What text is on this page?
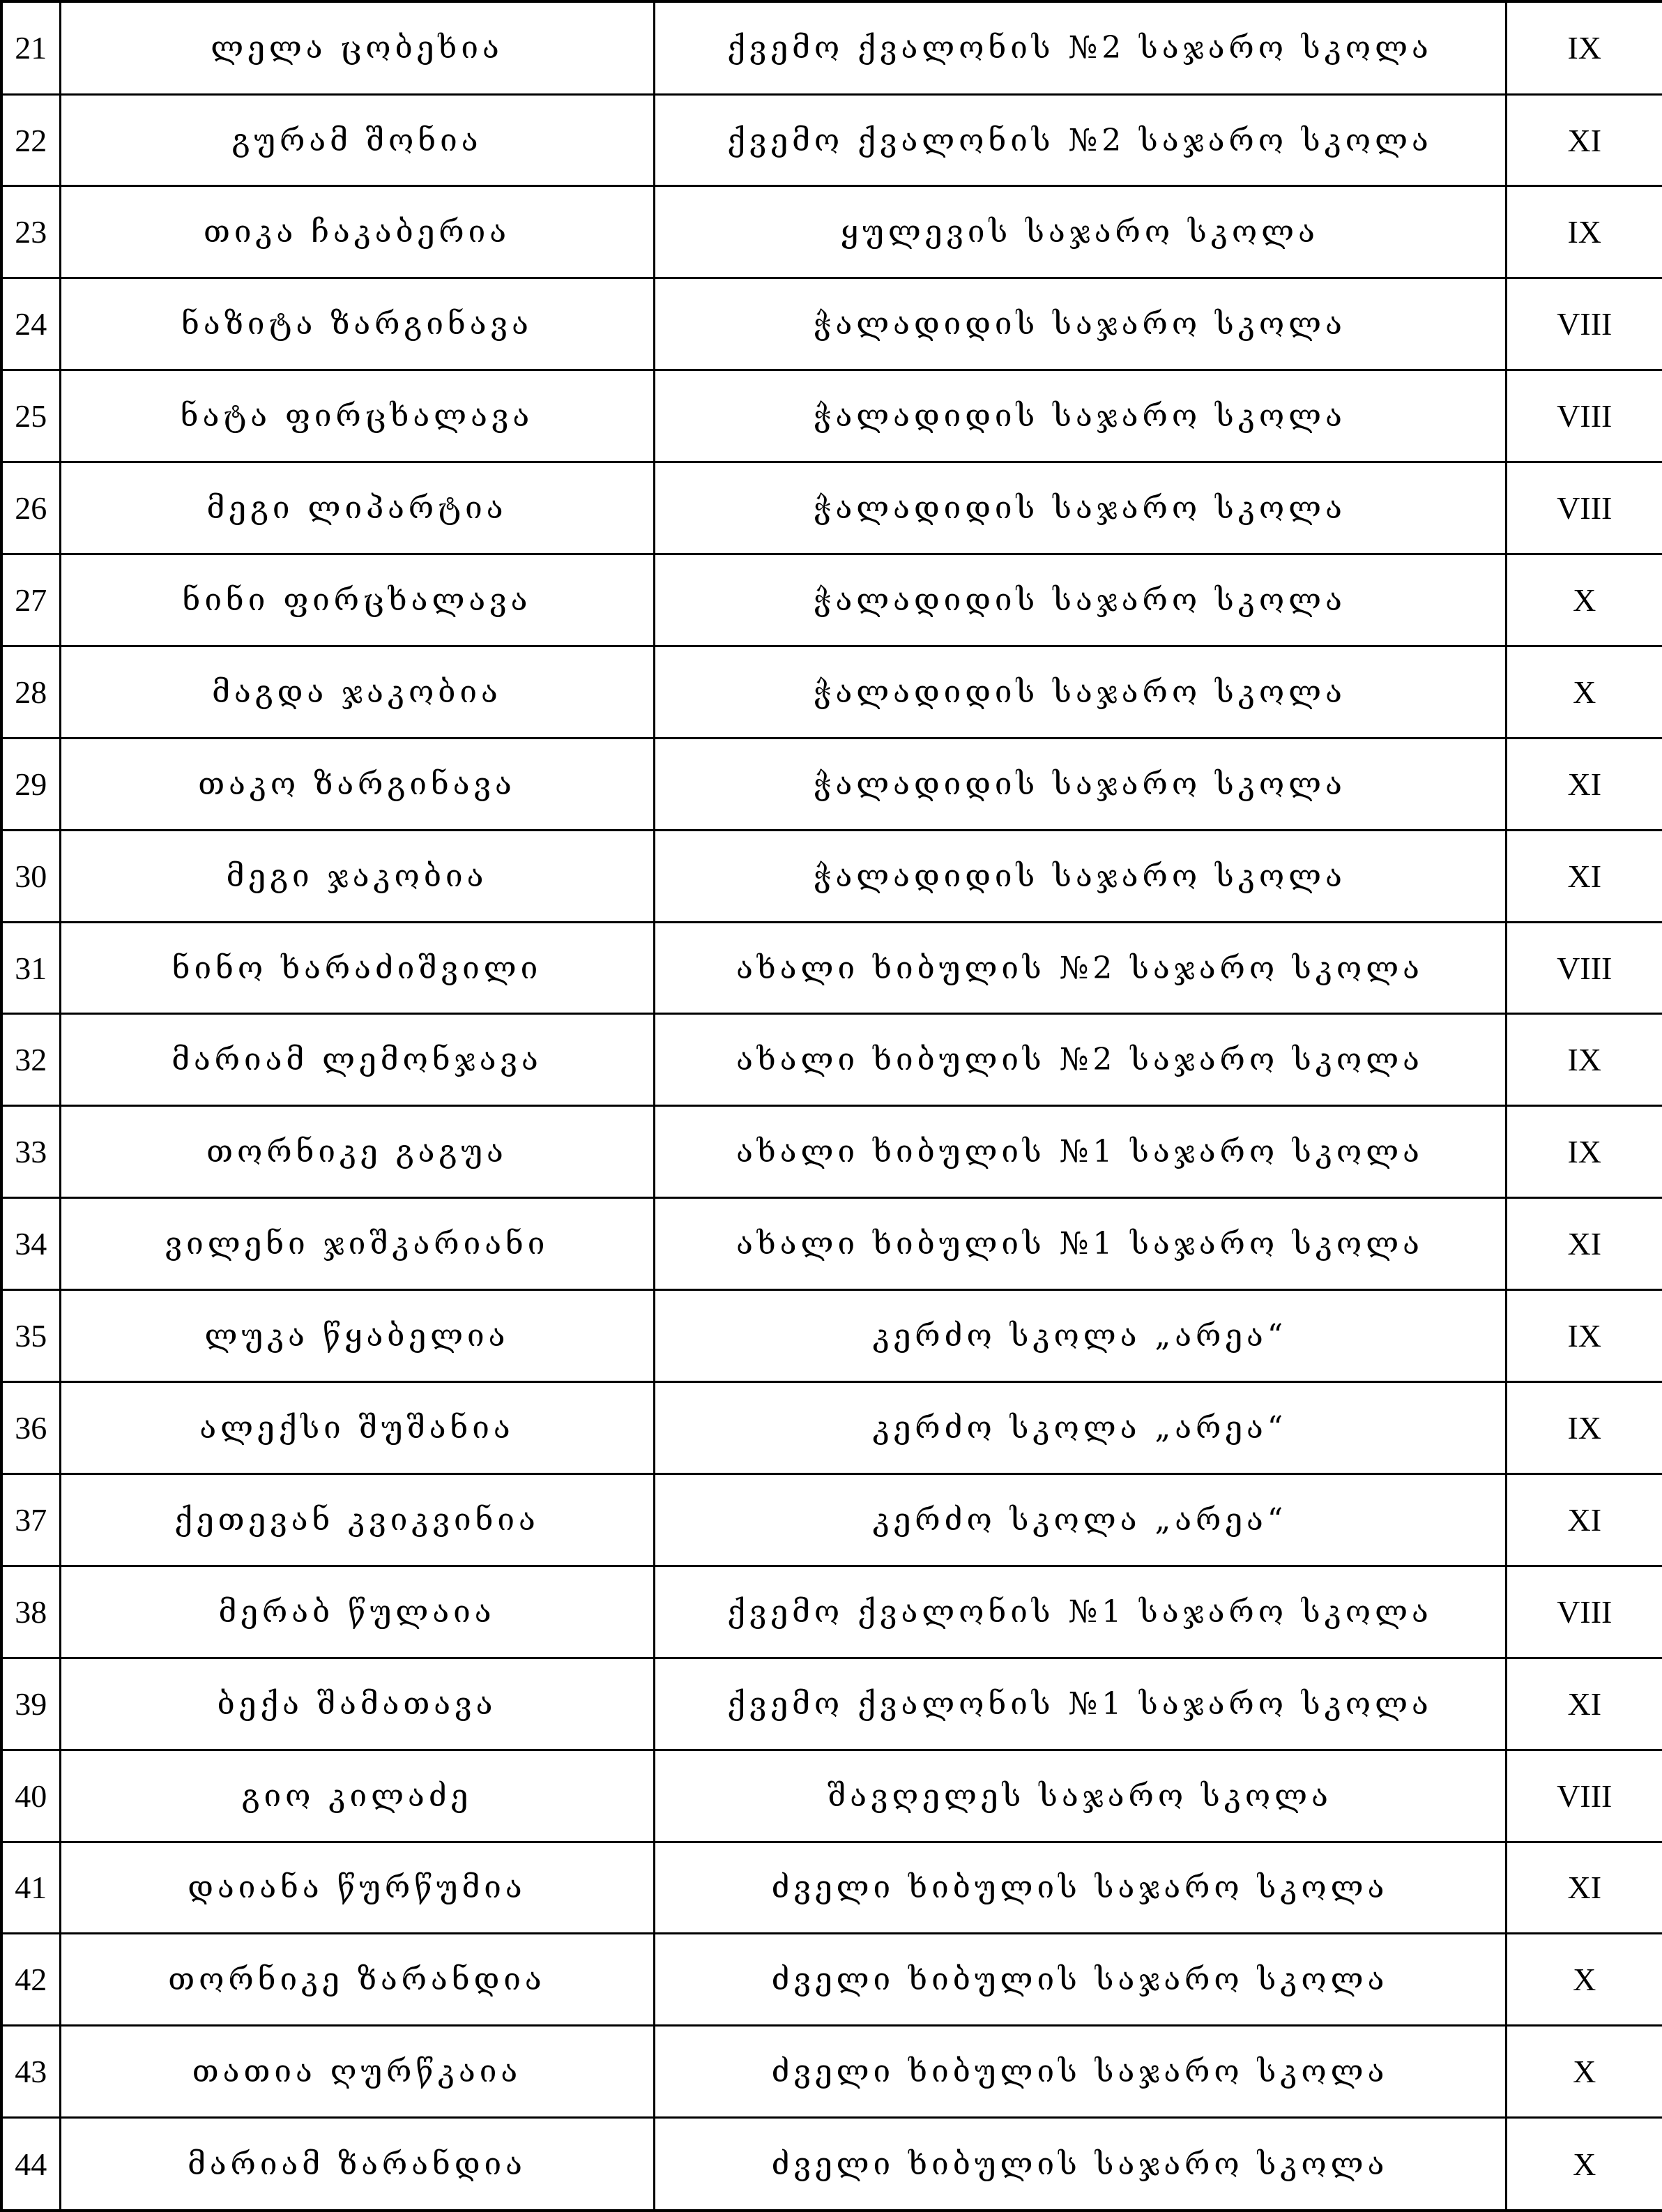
21	ლელა ცობეხია	ქვემო ქვალონის №2 საჯარო სკოლა	IX
22	გურამ შონია	ქვემო ქვალონის №2 საჯარო სკოლა	XI
23	თიკა ჩაკაბერია	ყულევის საჯარო სკოლა	IX
24	ნაზიტა ზარგინავა	ჭალადიდის საჯარო სკოლა	VIII
25	ნატა ფირცხალავა	ჭალადიდის საჯარო სკოლა	VIII
26	მეგი ლიპარტია	ჭალადიდის საჯარო სკოლა	VIII
27	ნინი ფირცხალავა	ჭალადიდის საჯარო სკოლა	X
28	მაგდა ჯაკობია	ჭალადიდის საჯარო სკოლა	X
29	თაკო ზარგინავა	ჭალადიდის საჯარო სკოლა	XI
30	მეგი ჯაკობია	ჭალადიდის საჯარო სკოლა	XI
31	ნინო ხარაძიშვილი	ახალი ხიბულის №2 საჯარო სკოლა	VIII
32	მარიამ ლემონჯავა	ახალი ხიბულის №2 საჯარო სკოლა	IX
33	თორნიკე გაგუა	ახალი ხიბულის №1 საჯარო სკოლა	IX
34	ვილენი ჯიშკარიანი	ახალი ხიბულის №1 საჯარო სკოლა	XI
35	ლუკა წყაბელია	კერძო სკოლა „არეა“	IX
36	ალექსი შუშანია	კერძო სკოლა „არეა“	IX
37	ქეთევან კვიკვინია	კერძო სკოლა „არეა“	XI
38	მერაბ წულაია	ქვემო ქვალონის №1 საჯარო სკოლა	VIII
39	ბექა შამათავა	ქვემო ქვალონის №1 საჯარო სკოლა	XI
40	გიო კილაძე	შავღელეს საჯარო სკოლა	VIII
41	დაიანა წურწუმია	ძველი ხიბულის საჯარო სკოლა	XI
42	თორნიკე ზარანდია	ძველი ხიბულის საჯარო სკოლა	X
43	თათია ღურწკაია	ძველი ხიბულის საჯარო სკოლა	X
44	მარიამ ზარანდია	ძველი ხიბულის საჯარო სკოლა	X
